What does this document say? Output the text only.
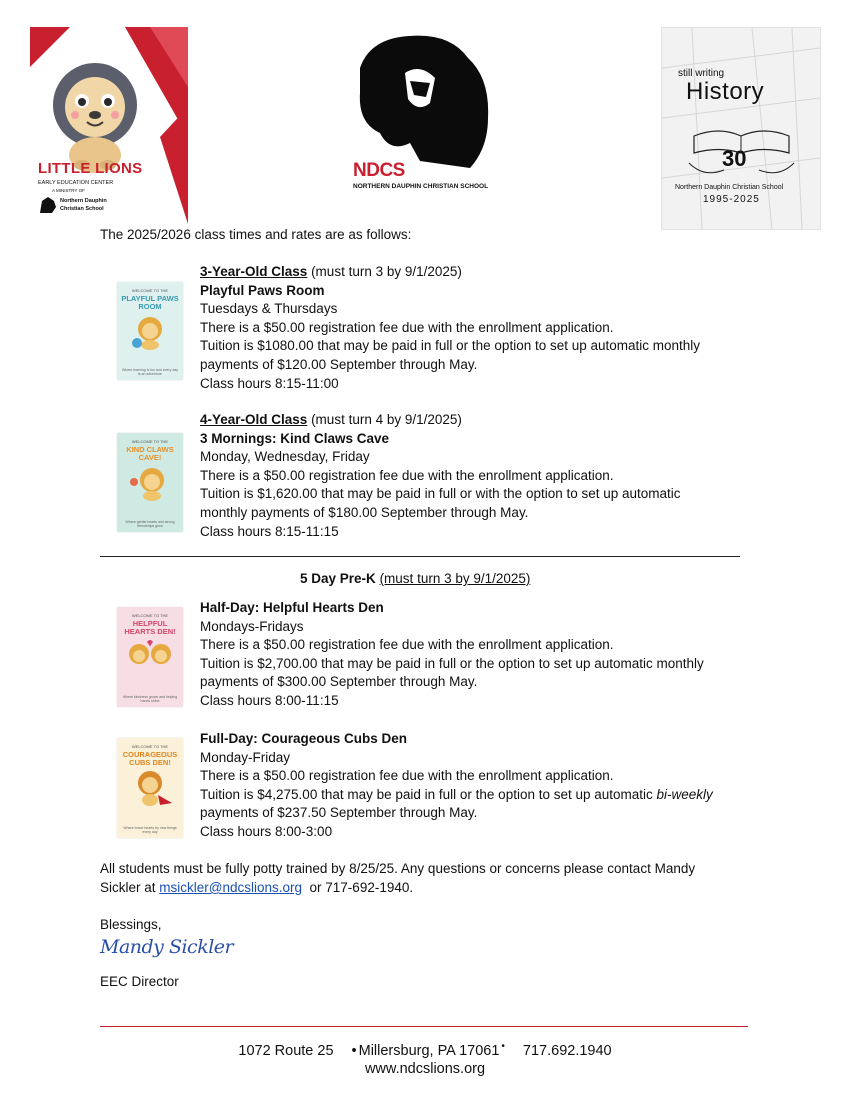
LITTLE LIONS
EARLY EDUCATION CENTER
A MINISTRY OF
Northern Dauphin
Christian School
NDCS
NORTHERN DAUPHIN CHRISTIAN SCHOOL
still writing
History
30
Northern Dauphin Christian School
1995-2025
The 2025/2026 class times and rates are as follows:
WELCOME TO THE
PLAYFUL PAWS ROOM
Where learning is fun and every day is an adventure
3-Year-Old Class (must turn 3 by 9/1/2025)
Playful Paws Room
Tuesdays & Thursdays
There is a $50.00 registration fee due with the enrollment application.
Tuition is $1080.00 that may be paid in full or the option to set up automatic monthly
payments of $120.00 September through May.
Class hours 8:15-11:00
WELCOME TO THE
KIND CLAWS CAVE!
Where gentle hearts and strong friendships grow
4-Year-Old Class (must turn 4 by 9/1/2025)
3 Mornings: Kind Claws Cave
Monday, Wednesday, Friday
There is a $50.00 registration fee due with the enrollment application.
Tuition is $1,620.00 that may be paid in full or with the option to set up automatic
monthly payments of $180.00 September through May.
Class hours 8:15-11:15
5 Day Pre-K (must turn 3 by 9/1/2025)
WELCOME TO THE
HELPFUL HEARTS DEN!
Where kindness grows and helping hands shine
Half-Day: Helpful Hearts Den
Mondays-Fridays
There is a $50.00 registration fee due with the enrollment application.
Tuition is $2,700.00 that may be paid in full or the option to set up automatic monthly
payments of $300.00 September through May.
Class hours 8:00-11:15
WELCOME TO THE
COURAGEOUS CUBS DEN!
Where brave hearts try new things every day
Full-Day: Courageous Cubs Den
Monday-Friday
There is a $50.00 registration fee due with the enrollment application.
Tuition is $4,275.00 that may be paid in full or the option to set up automatic bi-weekly
payments of $237.50 September through May.
Class hours 8:00-3:00
All students must be fully potty trained by 8/25/25. Any questions or concerns please contact Mandy
Sickler at msickler@ndcslions.org  or 717-692-1940.
Blessings,
Mandy Sickler
EEC Director
1072 Route 25 • Millersburg, PA 17061 • 717.692.1940
www.ndcslions.org
